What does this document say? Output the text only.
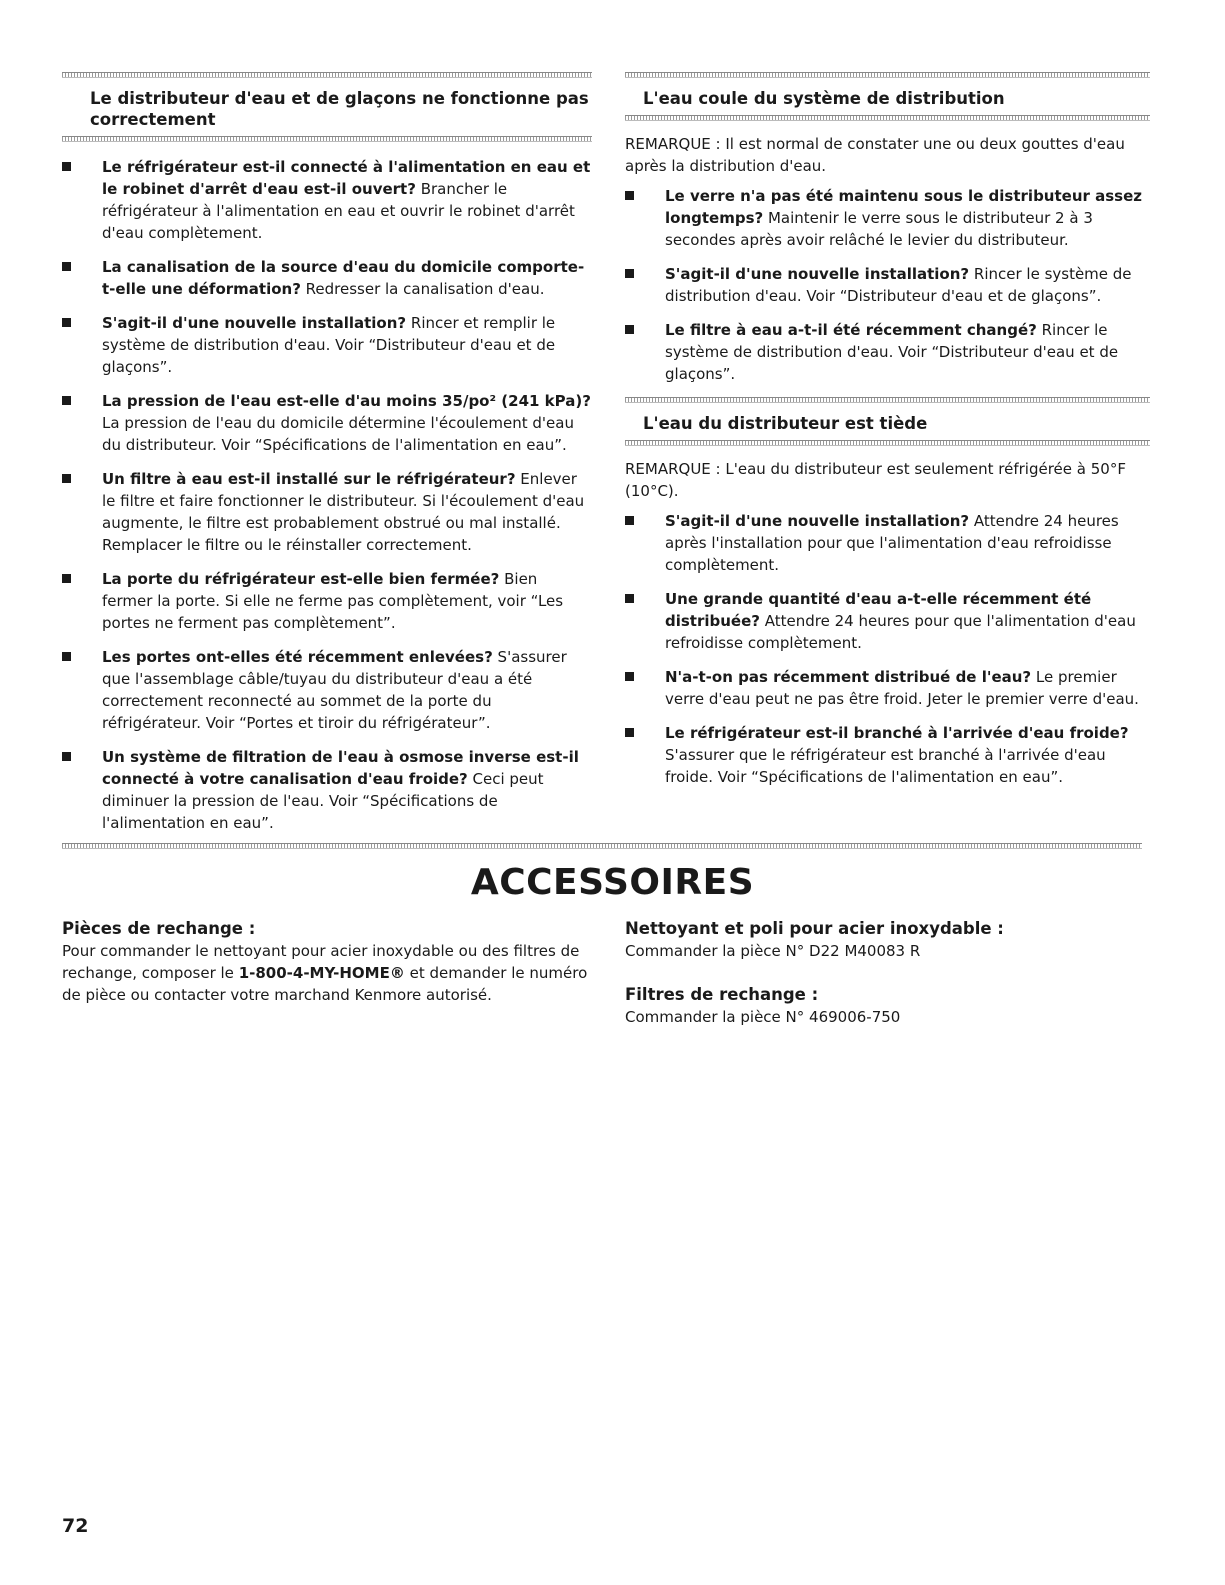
Le distributeur d'eau et de glaçons ne fonctionne pas correctement
Le réfrigérateur est-il connecté à l'alimentation en eau et le robinet d'arrêt d'eau est-il ouvert? Brancher le réfrigérateur à l'alimentation en eau et ouvrir le robinet d'arrêt d'eau complètement.
La canalisation de la source d'eau du domicile comporte-t-elle une déformation? Redresser la canalisation d'eau.
S'agit-il d'une nouvelle installation? Rincer et remplir le système de distribution d'eau. Voir “Distributeur d'eau et de glaçons”.
La pression de l'eau est-elle d'au moins 35/po² (241 kPa)? La pression de l'eau du domicile détermine l'écoulement d'eau du distributeur. Voir “Spécifications de l'alimentation en eau”.
Un filtre à eau est-il installé sur le réfrigérateur? Enlever le filtre et faire fonctionner le distributeur. Si l'écoulement d'eau augmente, le filtre est probablement obstrué ou mal installé. Remplacer le filtre ou le réinstaller correctement.
La porte du réfrigérateur est-elle bien fermée? Bien fermer la porte. Si elle ne ferme pas complètement, voir “Les portes ne ferment pas complètement”.
Les portes ont-elles été récemment enlevées? S'assurer que l'assemblage câble/tuyau du distributeur d'eau a été correctement reconnecté au sommet de la porte du réfrigérateur. Voir “Portes et tiroir du réfrigérateur”.
Un système de filtration de l'eau à osmose inverse est-il connecté à votre canalisation d'eau froide? Ceci peut diminuer la pression de l'eau. Voir “Spécifications de l'alimentation en eau”.
L'eau coule du système de distribution
REMARQUE : Il est normal de constater une ou deux gouttes d'eau après la distribution d'eau.
Le verre n'a pas été maintenu sous le distributeur assez longtemps? Maintenir le verre sous le distributeur 2 à 3 secondes après avoir relâché le levier du distributeur.
S'agit-il d'une nouvelle installation? Rincer le système de distribution d'eau. Voir “Distributeur d'eau et de glaçons”.
Le filtre à eau a-t-il été récemment changé? Rincer le système de distribution d'eau. Voir “Distributeur d'eau et de glaçons”.
L'eau du distributeur est tiède
REMARQUE : L'eau du distributeur est seulement réfrigérée à 50°F (10°C).
S'agit-il d'une nouvelle installation? Attendre 24 heures après l'installation pour que l'alimentation d'eau refroidisse complètement.
Une grande quantité d'eau a-t-elle récemment été distribuée? Attendre 24 heures pour que l'alimentation d'eau refroidisse complètement.
N'a-t-on pas récemment distribué de l'eau? Le premier verre d'eau peut ne pas être froid. Jeter le premier verre d'eau.
Le réfrigérateur est-il branché à l'arrivée d'eau froide? S'assurer que le réfrigérateur est branché à l'arrivée d'eau froide. Voir “Spécifications de l'alimentation en eau”.
ACCESSOIRES
Pièces de rechange :
Pour commander le nettoyant pour acier inoxydable ou des filtres de rechange, composer le 1-800-4-MY-HOME® et demander le numéro de pièce ou contacter votre marchand Kenmore autorisé.
Nettoyant et poli pour acier inoxydable :
Commander la pièce N° D22 M40083 R
Filtres de rechange :
Commander la pièce N° 469006-750
72
